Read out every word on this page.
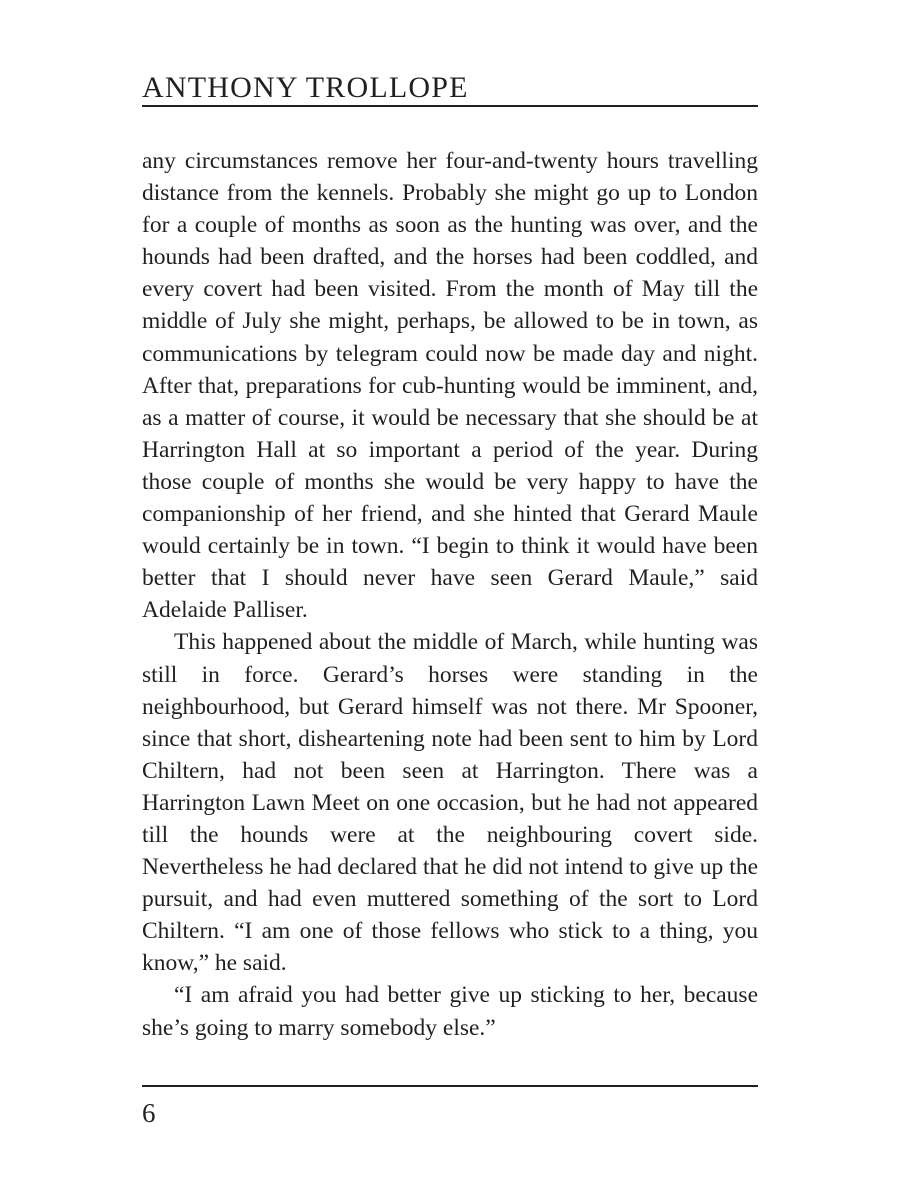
ANTHONY TROLLOPE

any circumstances remove her four-and-twenty hours travelling distance from the kennels. Probably she might go up to London for a couple of months as soon as the hunting was over, and the hounds had been drafted, and the horses had been coddled, and every covert had been visited. From the month of May till the middle of July she might, perhaps, be allowed to be in town, as communications by telegram could now be made day and night. After that, preparations for cub-hunting would be imminent, and, as a matter of course, it would be necessary that she should be at Harrington Hall at so important a period of the year. During those couple of months she would be very happy to have the companionship of her friend, and she hinted that Gerard Maule would certainly be in town. “I begin to think it would have been better that I should never have seen Gerard Maule,” said Adelaide Palliser.

This happened about the middle of March, while hunting was still in force. Gerard’s horses were standing in the neighbourhood, but Gerard himself was not there. Mr Spooner, since that short, disheartening note had been sent to him by Lord Chiltern, had not been seen at Harrington. There was a Harrington Lawn Meet on one occasion, but he had not appeared till the hounds were at the neighbouring covert side. Nevertheless he had declared that he did not intend to give up the pursuit, and had even muttered something of the sort to Lord Chiltern. “I am one of those fellows who stick to a thing, you know,” he said.

“I am afraid you had better give up sticking to her, because she’s going to marry somebody else.”

6
